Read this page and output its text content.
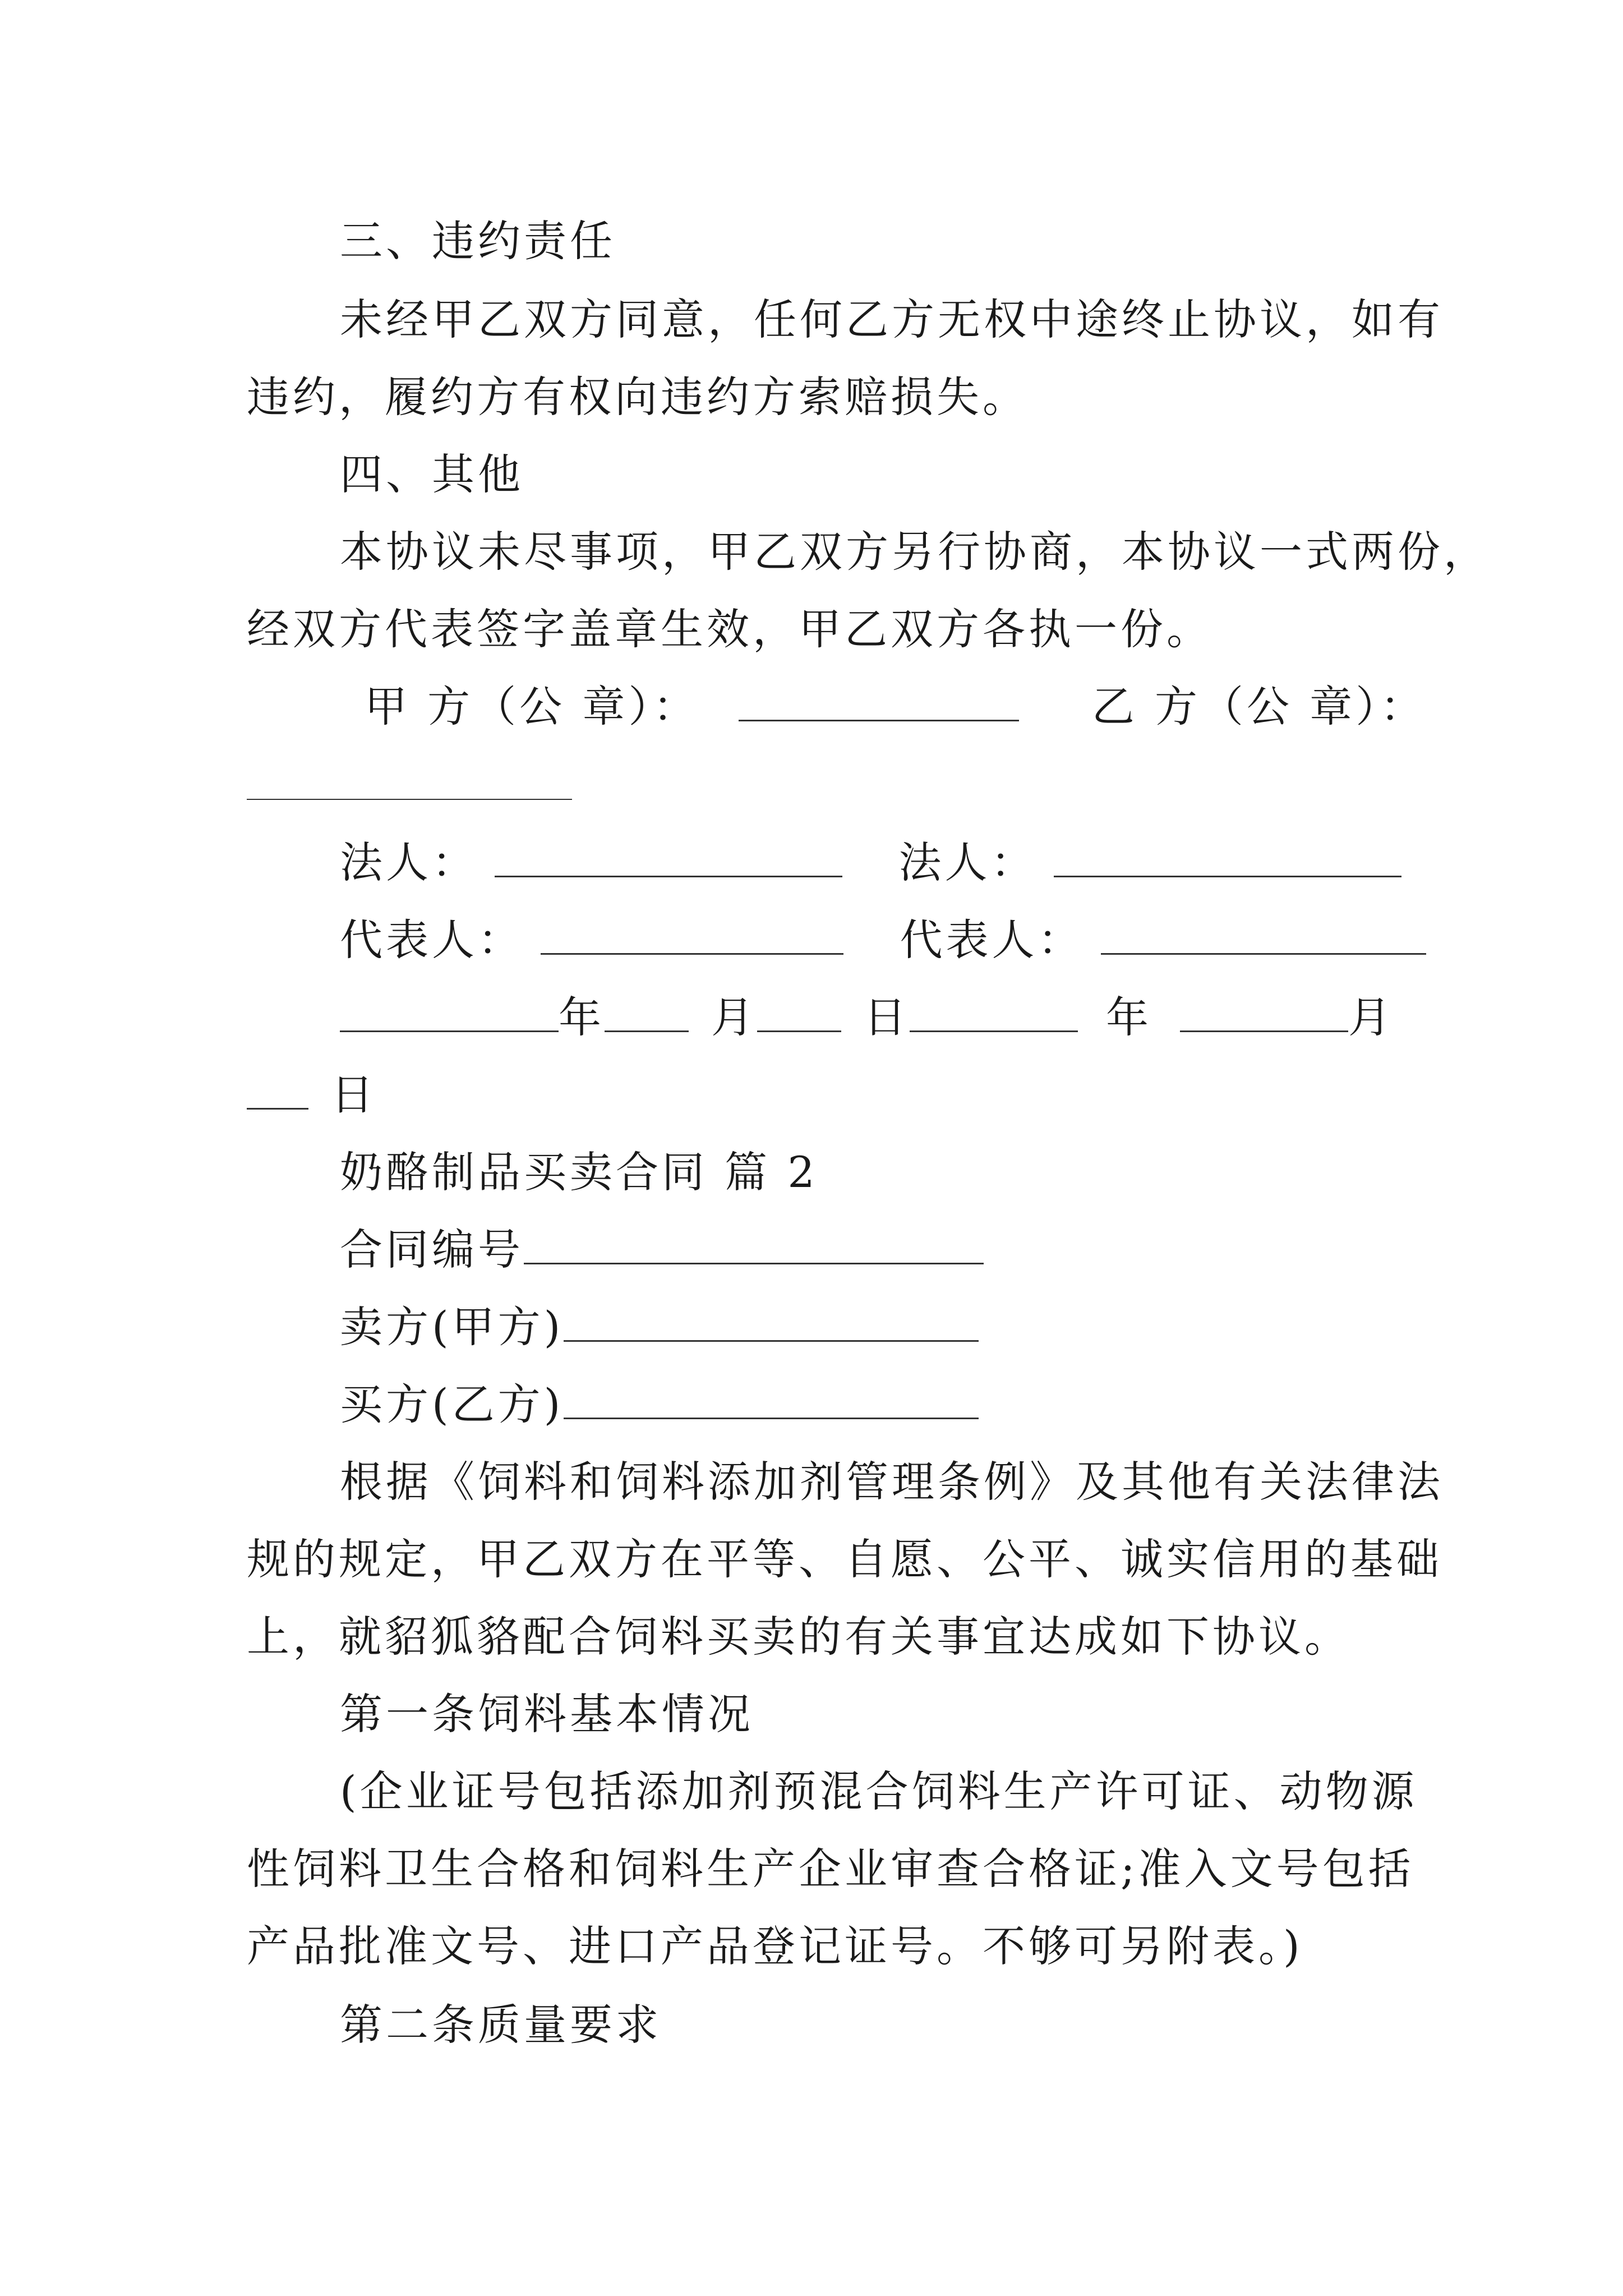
三、违约责任
未经甲乙双方同意，任何乙方无权中途终止协议，如有
违约，履约方有权向违约方索赔损失。
四、其他
本协议未尽事项，甲乙双方另行协商，本协议一式两份，
经双方代表签字盖章生效，甲乙双方各执一份。
甲 方（公 章）：	乙 方（公 章）：
法人：	法人：
代表人：	代表人：
年	月	日	年	月
日
奶酪制品买卖合同 篇 2
合同编号
卖方(甲方)
买方(乙方)
根据《饲料和饲料添加剂管理条例》及其他有关法律法
规的规定，甲乙双方在平等、自愿、公平、诚实信用的基础
上，就貂狐貉配合饲料买卖的有关事宜达成如下协议。
第一条饲料基本情况
(企业证号包括添加剂预混合饲料生产许可证、动物源
性饲料卫生合格和饲料生产企业审查合格证;准入文号包括
产品批准文号、进口产品登记证号。不够可另附表。)
第二条质量要求
